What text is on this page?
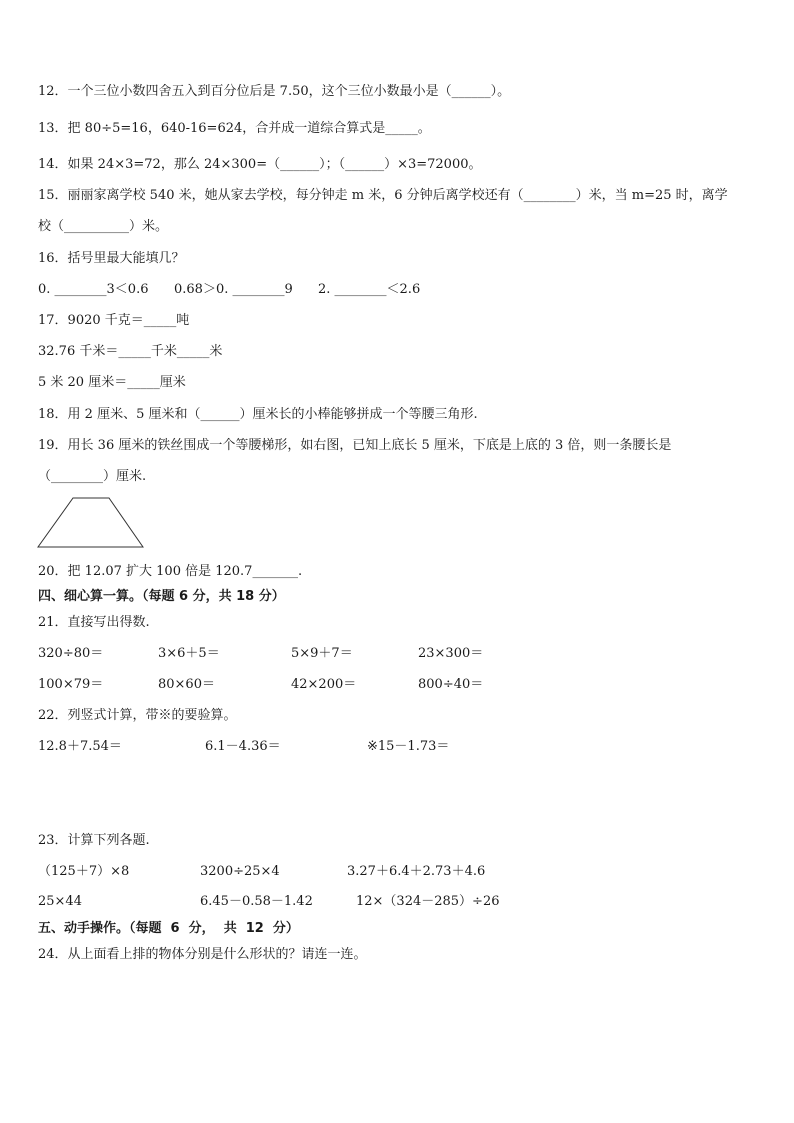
12．一个三位小数四舍五入到百分位后是 7.50，这个三位小数最小是（______）。
13．把 80÷5=16，640-16=624，合并成一道综合算式是_____。
14．如果 24×3=72，那么 24×300=（______）；（______）×3=72000。
15．丽丽家离学校 540 米，她从家去学校，每分钟走 m 米，6 分钟后离学校还有（________）米，当 m=25 时，离学
校（__________）米。
16．括号里最大能填几？
0. ________3＜0.6 0.68＞0. ________9 2. ________＜2.6
17．9020 千克＝_____吨
32.76 千米＝_____千米_____米
5 米 20 厘米＝_____厘米
18．用 2 厘米、5 厘米和（______）厘米长的小棒能够拼成一个等腰三角形.
19．用长 36 厘米的铁丝围成一个等腰梯形，如右图，已知上底长 5 厘米，下底是上底的 3 倍，则一条腰长是
（________）厘米.
20．把 12.07 扩大 100 倍是 120.7_______.
四、细心算一算。（每题 6 分，共 18 分）
21．直接写出得数.
320÷80＝	3×6＋5＝	5×9＋7＝	23×300＝
100×79＝	80×60＝	42×200＝	800÷40＝
22．列竖式计算，带※的要验算。
12.8＋7.54＝	6.1－4.36＝	※15－1.73＝
23．计算下列各题.
（125＋7）×8	3200÷25×4	3.27＋6.4＋2.73＋4.6
25×44	6.45－0.58－1.42	12×（324－285）÷26
五、动手操作。（每题  6  分，  共  12  分）
24．从上面看上排的物体分别是什么形状的？请连一连。
